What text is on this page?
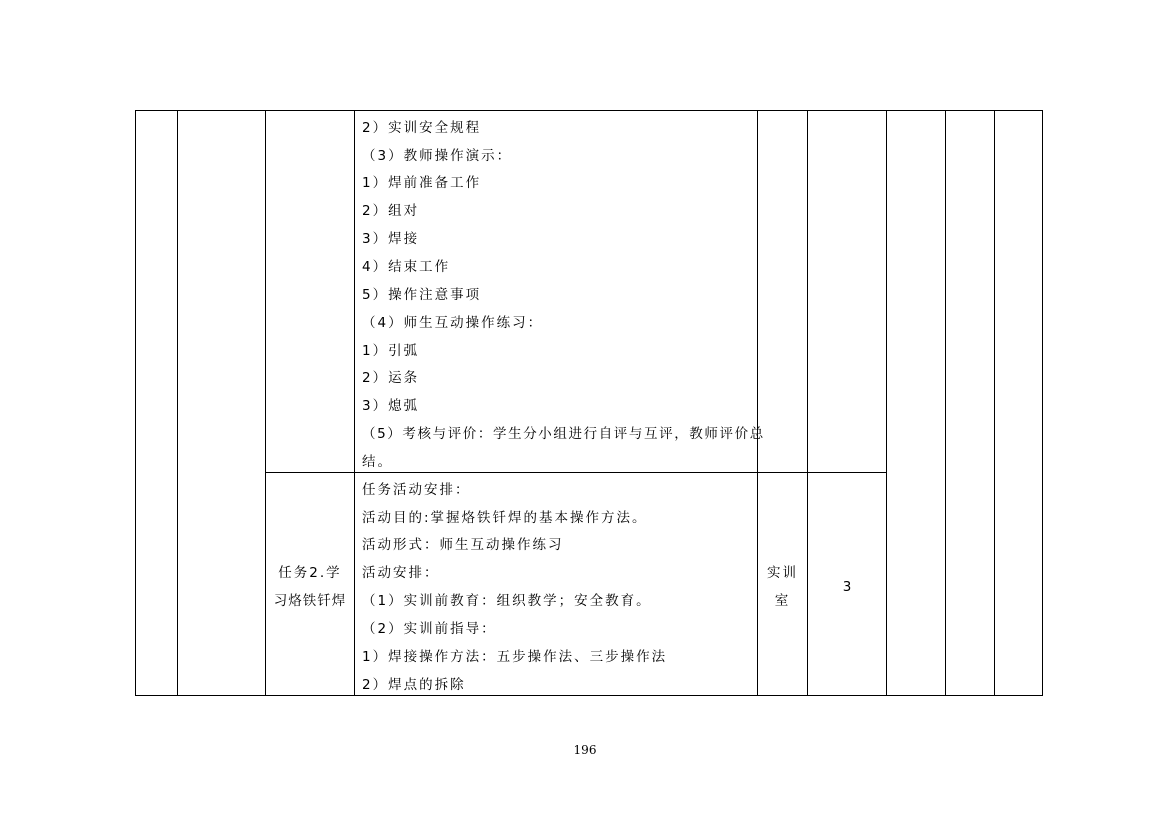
2）实训安全规程
（3）教师操作演示：
1）焊前准备工作
2）组对
3）焊接
4）结束工作
5）操作注意事项
（4）师生互动操作练习：
1）引弧
2）运条
3）熄弧
（5）考核与评价：学生分小组进行自评与互评，教师评价总
结。
任务2.学
习烙铁钎焊
任务活动安排：
活动目的:掌握烙铁钎焊的基本操作方法。
活动形式：师生互动操作练习
活动安排：
（1）实训前教育：组织教学；安全教育。
（2）实训前指导：
1）焊接操作方法：五步操作法、三步操作法
2）焊点的拆除
实训
室
3
196
